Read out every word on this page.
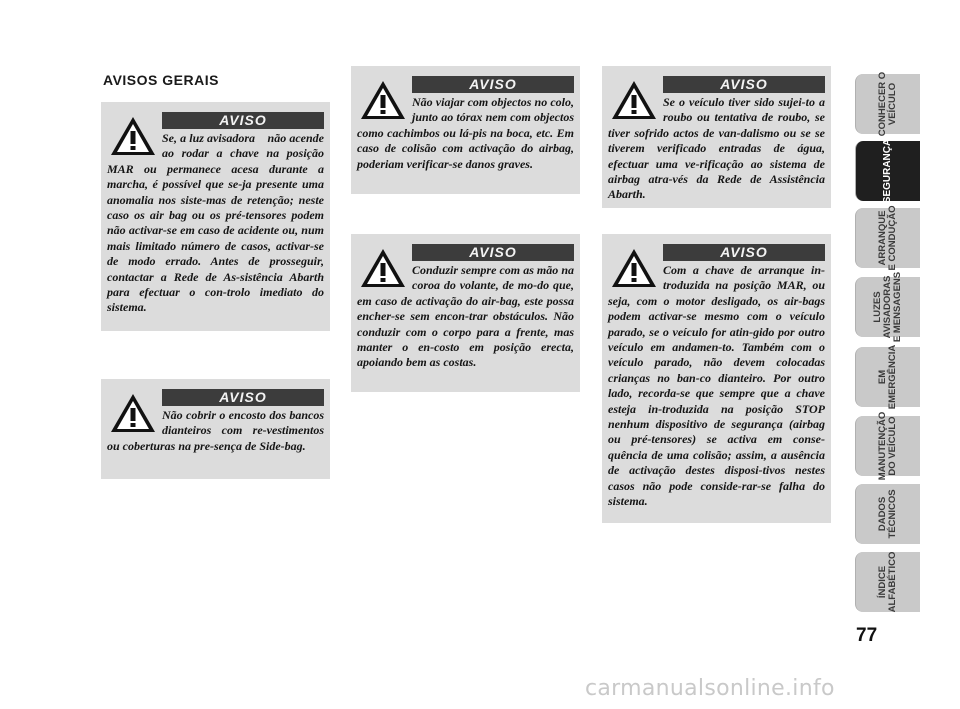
AVISOS GERAIS
AVISO
Se, a luz avisadora    não acende ao rodar a chave na posição MAR ou permanece acesa durante a marcha, é possível que se-ja presente uma anomalia nos siste-mas de retenção; neste caso os air bag ou os pré-tensores podem não activar-se em caso de acidente ou, num mais limitado número de casos, activar-se de modo errado. Antes de prosseguir, contactar a Rede de As-sistência Abarth para efectuar o con-trolo imediato do sistema.
AVISO
Não cobrir o encosto dos bancos dianteiros com re-vestimentos ou coberturas na pre-sença de Side-bag.
AVISO
Não viajar com objectos no colo, junto ao tórax nem com objectos como cachimbos ou lá-pis na boca, etc. Em caso de colisão com activação do airbag, poderiam verificar-se danos graves.
AVISO
Conduzir sempre com as mão na coroa do volante, de mo-do que, em caso de activação do air-bag, este possa encher-se sem encon-trar obstáculos. Não conduzir com o corpo para a frente, mas manter o en-costo em posição erecta, apoiando bem as costas.
AVISO
Se o veículo tiver sido sujei-to a roubo ou tentativa de roubo, se tiver sofrido actos de van-dalismo ou se se tiverem verificado entradas de água, efectuar uma ve-rificação ao sistema de airbag atra-vés da Rede de Assistência Abarth.
AVISO
Com a chave de arranque in-troduzida na posição MAR, ou seja, com o motor desligado, os air-bags podem activar-se mesmo com o veículo parado, se o veículo for atin-gido por outro veículo em andamen-to. Também com o veículo parado, não devem colocadas crianças no ban-co dianteiro. Por outro lado, recorda-se que sempre que a chave esteja in-troduzida na posição STOP nenhum dispositivo de segurança (airbag ou pré-tensores) se activa em conse-quência de uma colisão; assim, a ausência de activação destes disposi-tivos nestes casos não pode conside-rar-se falha do sistema.
CONHECER O
VEÍCULO
SEGURANÇA
ARRANQUE
E CONDUÇÃO
LUZES
AVISADORAS
E MENSAGENS
EM
EMERGÊNCIA
MANUTENÇÃO
DO VEÍCULO
DADOS
TÉCNICOS
ÍNDICE
ALFABÉTICO
77
carmanualsonline.info
